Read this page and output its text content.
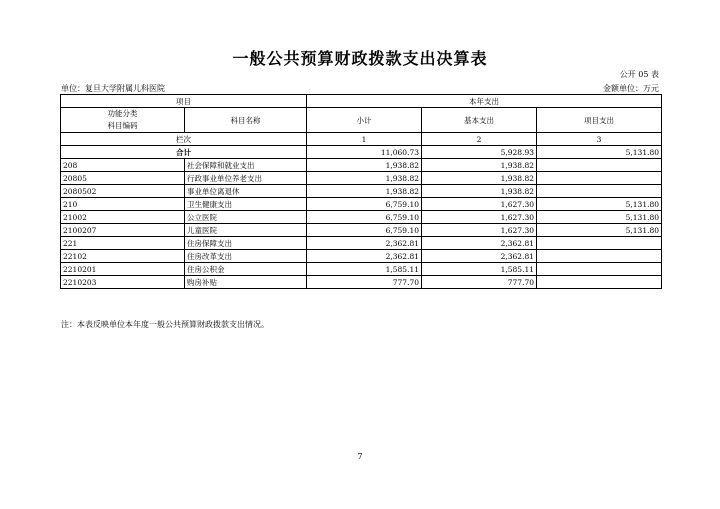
一般公共预算财政拨款支出决算表
公开 05 表
单位：复旦大学附属儿科医院	金额单位：万元
项目		本年支出		
功能分类
科目编码	科目名称	小计	基本支出	项目支出
栏次		1	2	3
合计		11,060.73	5,928.93	5,131.80
208	社会保障和就业支出	1,938.82	1,938.82	
20805	行政事业单位养老支出	1,938.82	1,938.82	
2080502	事业单位离退休	1,938.82	1,938.82	
210	卫生健康支出	6,759.10	1,627.30	5,131.80
21002	公立医院	6,759.10	1,627.30	5,131.80
2100207	儿童医院	6,759.10	1,627.30	5,131.80
221	住房保障支出	2,362.81	2,362.81	
22102	住房改革支出	2,362.81	2,362.81	
2210201	住房公积金	1,585.11	1,585.11	
2210203	购房补贴	777.70	777.70	
注：本表反映单位本年度一般公共预算财政拨款支出情况。
7
